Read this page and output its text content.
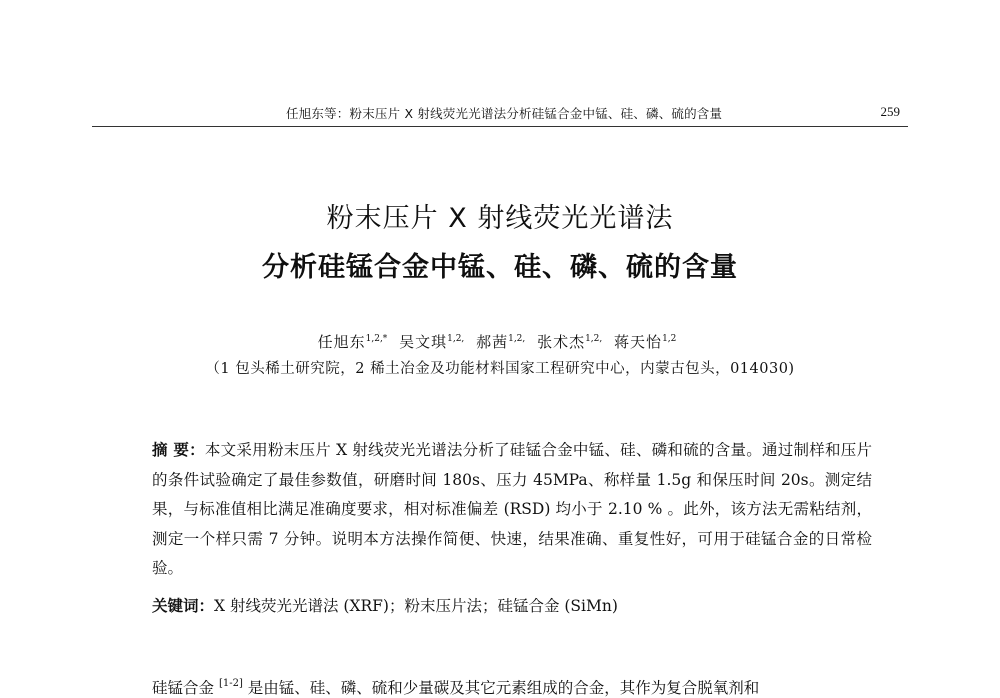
任旭东等：粉末压片 X 射线荧光光谱法分析硅锰合金中锰、硅、磷、硫的含量	259
粉末压片 X 射线荧光光谱法
分析硅锰合金中锰、硅、磷、硫的含量
任旭东$^{1,2,*}$ 吴文琪$^{1,2,}$ 郝茜$^{1,2,}$ 张术杰$^{1,2,}$ 蒋天怡$^{1,2}$
（1 包头稀土研究院，2 稀土冶金及功能材料国家工程研究中心，内蒙古包头，014030)
摘 要：本文采用粉末压片 X 射线荧光光谱法分析了硅锰合金中锰、硅、磷和硫的含量。通过制样和压片的条件试验确定了最佳参数值，研磨时间 180s、压力 45MPa、称样量 1.5g 和保压时间 20s。测定结果，与标准值相比满足准确度要求，相对标准偏差 (RSD) 均小于 2.10 % 。此外，该方法无需粘结剂，测定一个样只需 7 分钟。说明本方法操作简便、快速，结果准确、重复性好，可用于硅锰合金的日常检验。
关键词：X 射线荧光光谱法 (XRF)；粉末压片法；硅锰合金 (SiMn)
硅锰合金 [1-2] 是由锰、硅、磷、硫和少量碳及其它元素组成的合金，其作为复合脱氧剂和
